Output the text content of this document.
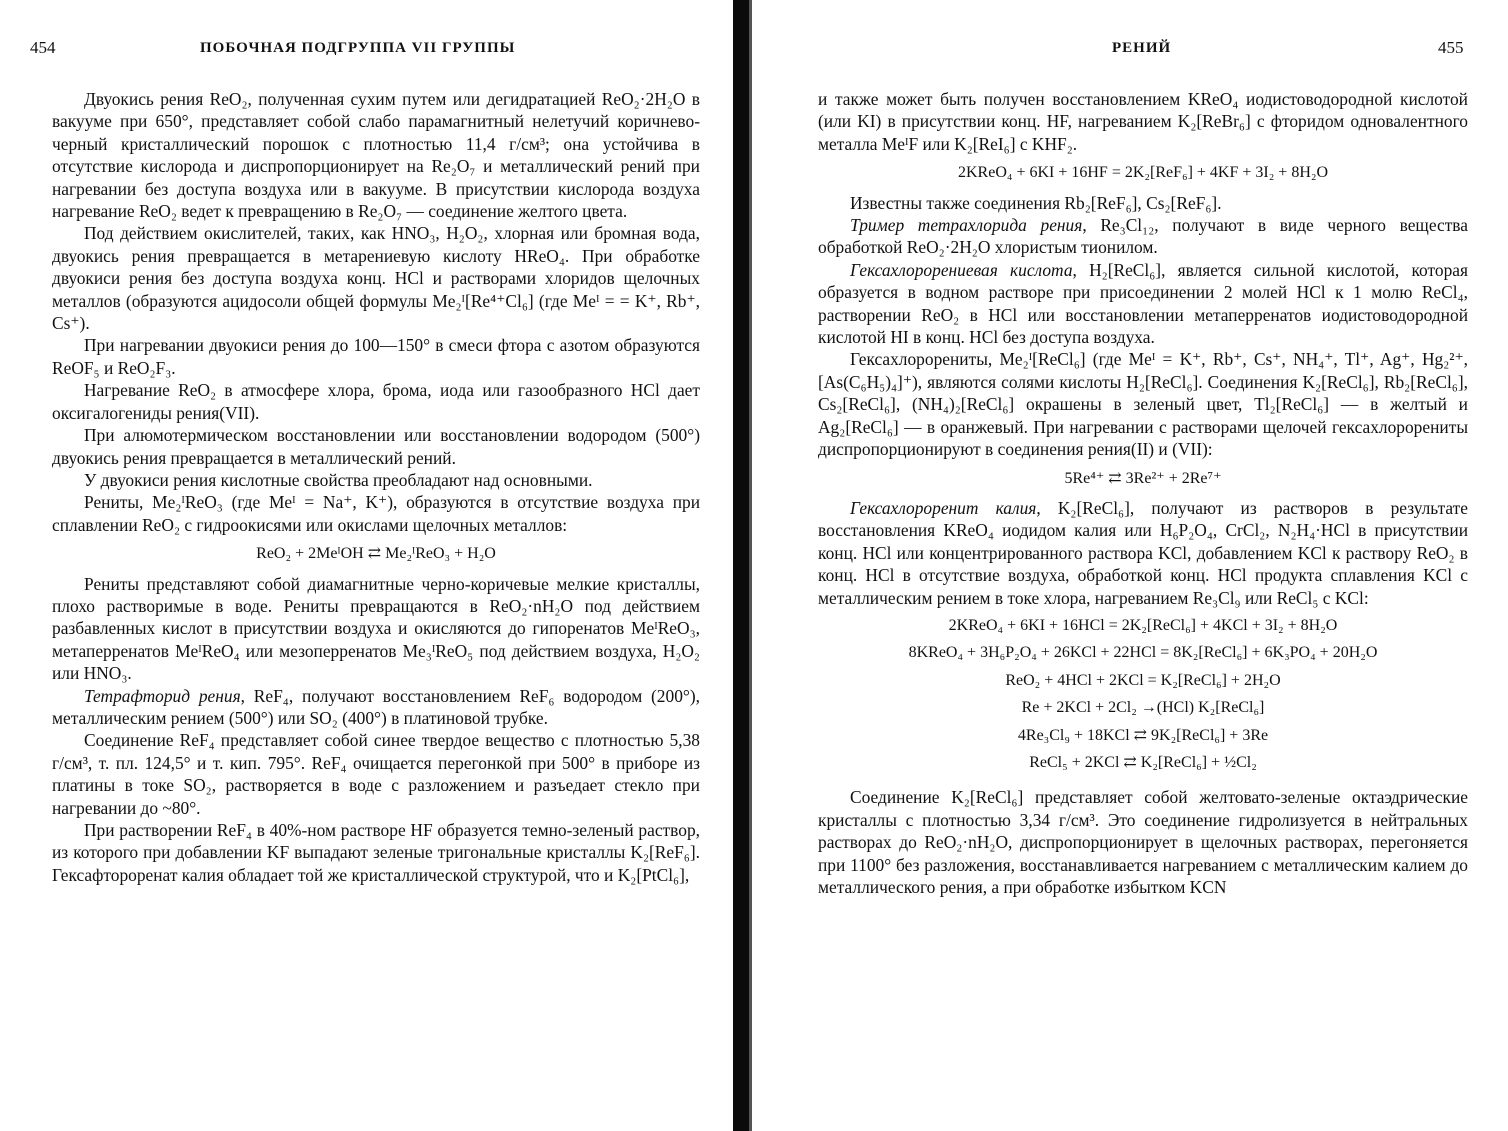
454	ПОБОЧНАЯ ПОДГРУППА VII ГРУППЫ

Двуокись рения ReO₂, полученная сухим путем или дегидратацией ReO₂·2H₂O в вакууме при 650°, представляет собой слабо парамагнитный нелетучий коричнево-черный кристаллический порошок с плотностью 11,4 г/см³; она устойчива в отсутствие кислорода и диспропорционирует на Re₂O₇ и металлический рений при нагревании без доступа воздуха или в вакууме. В присутствии кислорода воздуха нагревание ReO₂ ведет к превращению в Re₂O₇ — соединение желтого цвета.

Под действием окислителей, таких, как HNO₃, H₂O₂, хлорная или бромная вода, двуокись рения превращается в метарениевую кислоту HReO₄. При обработке двуокиси рения без доступа воздуха конц. HCl и растворами хлоридов щелочных металлов (образуются ацидосоли общей формулы Me₂ᴵ[Re⁴⁺Cl₆] (где Meᴵ = = K⁺, Rb⁺, Cs⁺).

При нагревании двуокиси рения до 100—150° в смеси фтора с азотом образуются ReOF₅ и ReO₂F₃.

Нагревание ReO₂ в атмосфере хлора, брома, иода или газообразного HCl дает оксигалогениды рения(VII).

При алюмотермическом восстановлении или восстановлении водородом (500°) двуокись рения превращается в металлический рений.

У двуокиси рения кислотные свойства преобладают над основными.

Рениты, Me₂ᴵReO₃ (где Meᴵ = Na⁺, K⁺), образуются в отсутствие воздуха при сплавлении ReO₂ с гидроокисями или окислами щелочных металлов:

ReO₂ + 2MeᴵOH ⇄ Me₂ᴵReO₃ + H₂O

Рениты представляют собой диамагнитные черно-коричевые мелкие кристаллы, плохо растворимые в воде. Рениты превращаются в ReO₂·nH₂O под действием разбавленных кислот в присутствии воздуха и окисляются до гипоренатов MeᴵReO₃, метаперренатов MeᴵReO₄ или мезоперренатов Me₃ᴵReO₅ под действием воздуха, H₂O₂ или HNO₃.

Тетрафторид рения, ReF₄, получают восстановлением ReF₆ водородом (200°), металлическим рением (500°) или SO₂ (400°) в платиновой трубке.

Соединение ReF₄ представляет собой синее твердое вещество с плотностью 5,38 г/см³, т. пл. 124,5° и т. кип. 795°. ReF₄ очищается перегонкой при 500° в приборе из платины в токе SO₂, растворяется в воде с разложением и разъедает стекло при нагревании до ~80°.

При растворении ReF₄ в 40%-ном растворе HF образуется темно-зеленый раствор, из которого при добавлении KF выпадают зеленые тригональные кристаллы K₂[ReF₆]. Гексафтороренат калия обладает той же кристаллической структурой, что и K₂[PtCl₆],

РЕНИЙ	455

и также может быть получен восстановлением KReO₄ иодистоводородной кислотой (или KI) в присутствии конц. HF, нагреванием K₂[ReBr₆] с фторидом одновалентного металла MeᴵF или K₂[ReI₆] с KHF₂.

2KReO₄ + 6KI + 16HF = 2K₂[ReF₆] + 4KF + 3I₂ + 8H₂O

Известны также соединения Rb₂[ReF₆], Cs₂[ReF₆].

Тример тетрахлорида рения, Re₃Cl₁₂, получают в виде черного вещества обработкой ReO₂·2H₂O хлористым тионилом.

Гексахлорорениевая кислота, H₂[ReCl₆], является сильной кислотой, которая образуется в водном растворе при присоединении 2 молей HCl к 1 молю ReCl₄, растворении ReO₂ в HCl или восстановлении метаперренатов иодистоводородной кислотой HI в конц. HCl без доступа воздуха.

Гексахлорорениты, Me₂ᴵ[ReCl₆] (где Meᴵ = K⁺, Rb⁺, Cs⁺, NH₄⁺, Tl⁺, Ag⁺, Hg₂²⁺, [As(C₆H₅)₄]⁺), являются солями кислоты H₂[ReCl₆]. Соединения K₂[ReCl₆], Rb₂[ReCl₆], Cs₂[ReCl₆], (NH₄)₂[ReCl₆] окрашены в зеленый цвет, Tl₂[ReCl₆] — в желтый и Ag₂[ReCl₆] — в оранжевый. При нагревании с растворами щелочей гексахлорорениты диспропорционируют в соединения рения(II) и (VII):

5Re⁴⁺ ⇄ 3Re²⁺ + 2Re⁷⁺

Гексахлороренит калия, K₂[ReCl₆], получают из растворов в результате восстановления KReO₄ иодидом калия или H₆P₂O₄, CrCl₂, N₂H₄·HCl в присутствии конц. HCl или концентрированного раствора KCl, добавлением KCl к раствору ReO₂ в конц. HCl в отсутствие воздуха, обработкой конц. HCl продукта сплавления KCl с металлическим рением в токе хлора, нагреванием Re₃Cl₉ или ReCl₅ с KCl:

2KReO₄ + 6KI + 16HCl = 2K₂[ReCl₆] + 4KCl + 3I₂ + 8H₂O

8KReO₄ + 3H₆P₂O₄ + 26KCl + 22HCl = 8K₂[ReCl₆] + 6K₃PO₄ + 20H₂O

ReO₂ + 4HCl + 2KCl = K₂[ReCl₆] + 2H₂O

Re + 2KCl + 2Cl₂ →(HCl) K₂[ReCl₆]

4Re₃Cl₉ + 18KCl ⇄ 9K₂[ReCl₆] + 3Re

ReCl₅ + 2KCl ⇄ K₂[ReCl₆] + ½Cl₂

Соединение K₂[ReCl₆] представляет собой желтовато-зеленые октаэдрические кристаллы с плотностью 3,34 г/см³. Это соединение гидролизуется в нейтральных растворах до ReO₂·nH₂O, диспропорционирует в щелочных растворах, перегоняется при 1100° без разложения, восстанавливается нагреванием с металлическим калием до металлического рения, а при обработке избытком KCN
